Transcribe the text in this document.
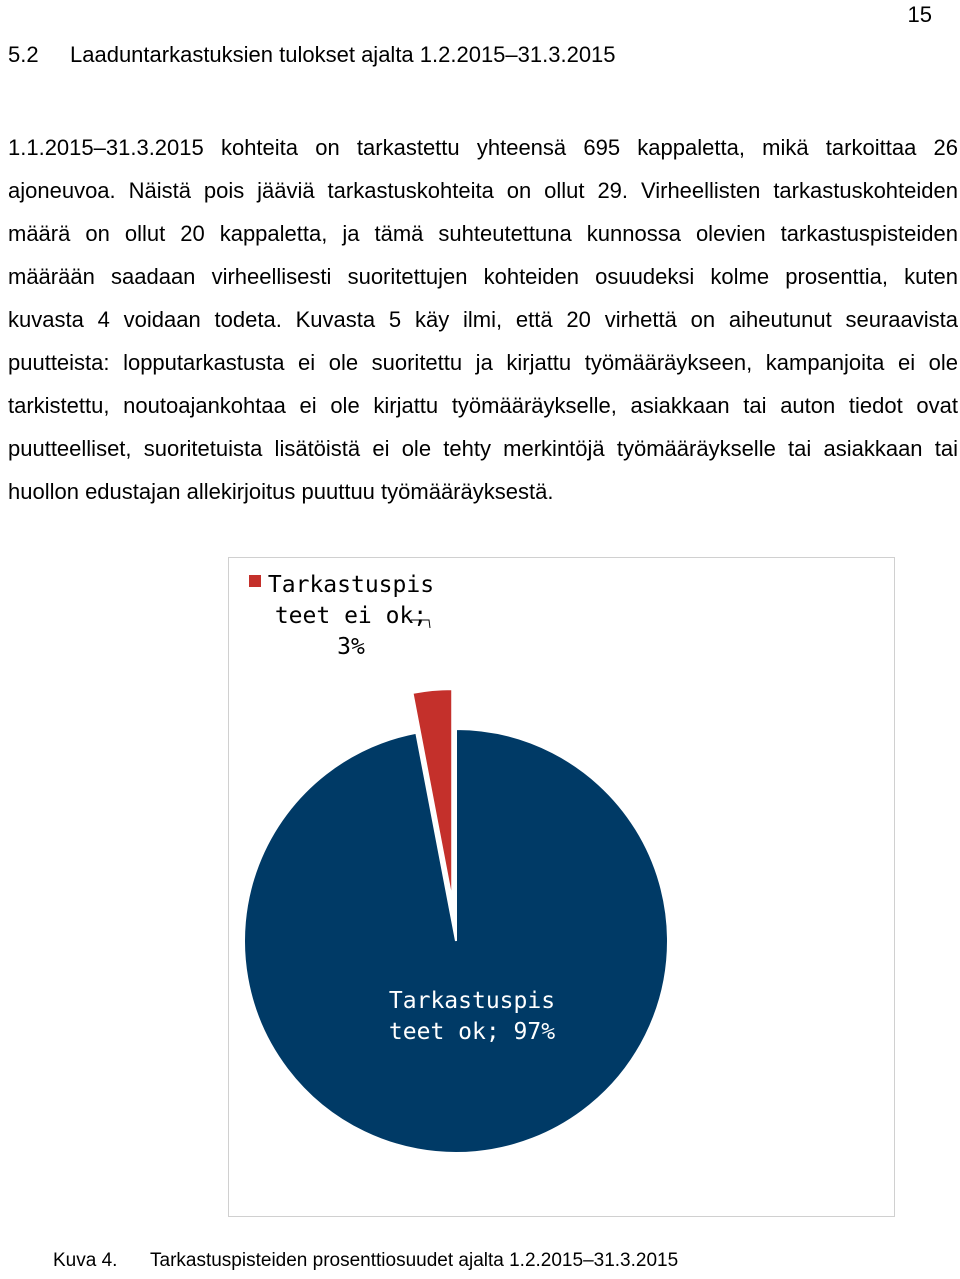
15
5.2 Laaduntarkastuksien tulokset ajalta 1.2.2015–31.3.2015

1.1.2015–31.3.2015 kohteita on tarkastettu yhteensä 695 kappaletta, mikä tarkoittaa 26 ajoneuvoa. Näistä pois jääviä tarkastuskohteita on ollut 29. Virheellisten tarkastuskohteiden määrä on ollut 20 kappaletta, ja tämä suhteutettuna kunnossa olevien tarkastuspisteiden määrään saadaan virheellisesti suoritettujen kohteiden osuudeksi kolme prosenttia, kuten kuvasta 4 voidaan todeta. Kuvasta 5 käy ilmi, että 20 virhettä on aiheutunut seuraavista puutteista: lopputarkastusta ei ole suoritettu ja kirjattu työmääräykseen, kampanjoita ei ole tarkistettu, noutoajankohtaa ei ole kirjattu työmääräykselle, asiakkaan tai auton tiedot ovat puutteelliset, suoritetuista lisätöistä ei ole tehty merkintöjä työmääräykselle tai asiakkaan tai huollon edustajan allekirjoitus puuttuu työmääräyksestä.

Tarkastuspis
teet ei ok;
3%
Tarkastuspis
teet ok; 97%
Kuva 4. Tarkastuspisteiden prosenttiosuudet ajalta 1.2.2015–31.3.2015
